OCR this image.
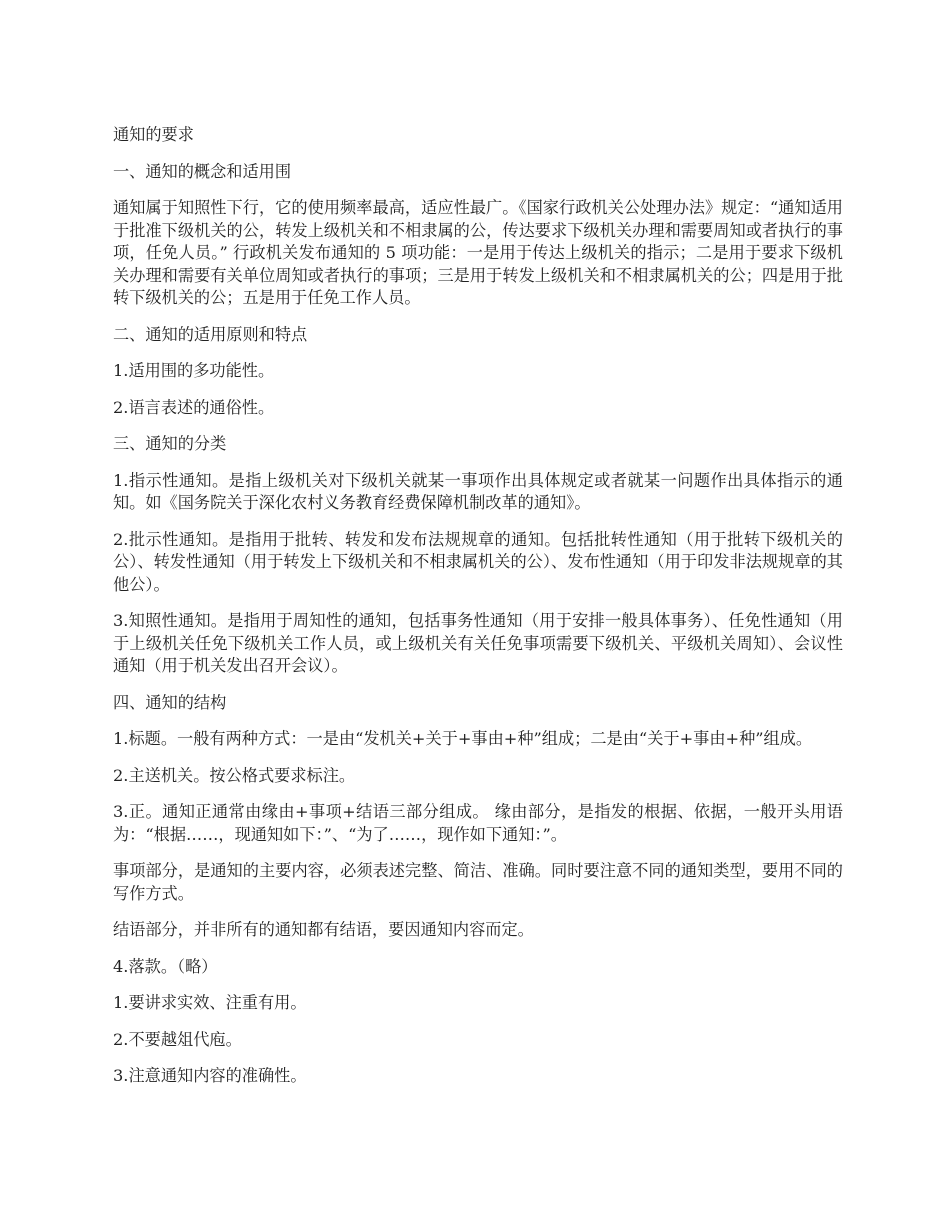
通知的要求

一、通知的概念和适用围

通知属于知照性下行，它的使用频率最高，适应性最广。《国家行政机关公处理办法》规定：“通知适用于批准下级机关的公，转发上级机关和不相隶属的公，传达要求下级机关办理和需要周知或者执行的事项，任免人员。” 行政机关发布通知的 5 项功能：一是用于传达上级机关的指示；二是用于要求下级机关办理和需要有关单位周知或者执行的事项；三是用于转发上级机关和不相隶属机关的公；四是用于批转下级机关的公；五是用于任免工作人员。

二、通知的适用原则和特点

1.适用围的多功能性。

2.语言表述的通俗性。

三、通知的分类

1.指示性通知。是指上级机关对下级机关就某一事项作出具体规定或者就某一问题作出具体指示的通知。如《国务院关于深化农村义务教育经费保障机制改革的通知》。

2.批示性通知。是指用于批转、转发和发布法规规章的通知。包括批转性通知（用于批转下级机关的公）、转发性通知（用于转发上下级机关和不相隶属机关的公）、发布性通知（用于印发非法规规章的其他公）。

3.知照性通知。是指用于周知性的通知，包括事务性通知（用于安排一般具体事务）、任免性通知（用于上级机关任免下级机关工作人员，或上级机关有关任免事项需要下级机关、平级机关周知）、会议性通知（用于机关发出召开会议）。

四、通知的结构

1.标题。一般有两种方式：一是由“发机关+关于+事由+种”组成；二是由“关于+事由+种”组成。

2.主送机关。按公格式要求标注。

3.正。通知正通常由缘由+事项+结语三部分组成。 缘由部分，是指发的根据、依据，一般开头用语为：“根据……，现通知如下：”、“为了……，现作如下通知：”。

事项部分，是通知的主要内容，必须表述完整、简洁、准确。同时要注意不同的通知类型，要用不同的写作方式。

结语部分，并非所有的通知都有结语，要因通知内容而定。

4.落款。（略）

1.要讲求实效、注重有用。

2.不要越俎代庖。

3.注意通知内容的准确性。
